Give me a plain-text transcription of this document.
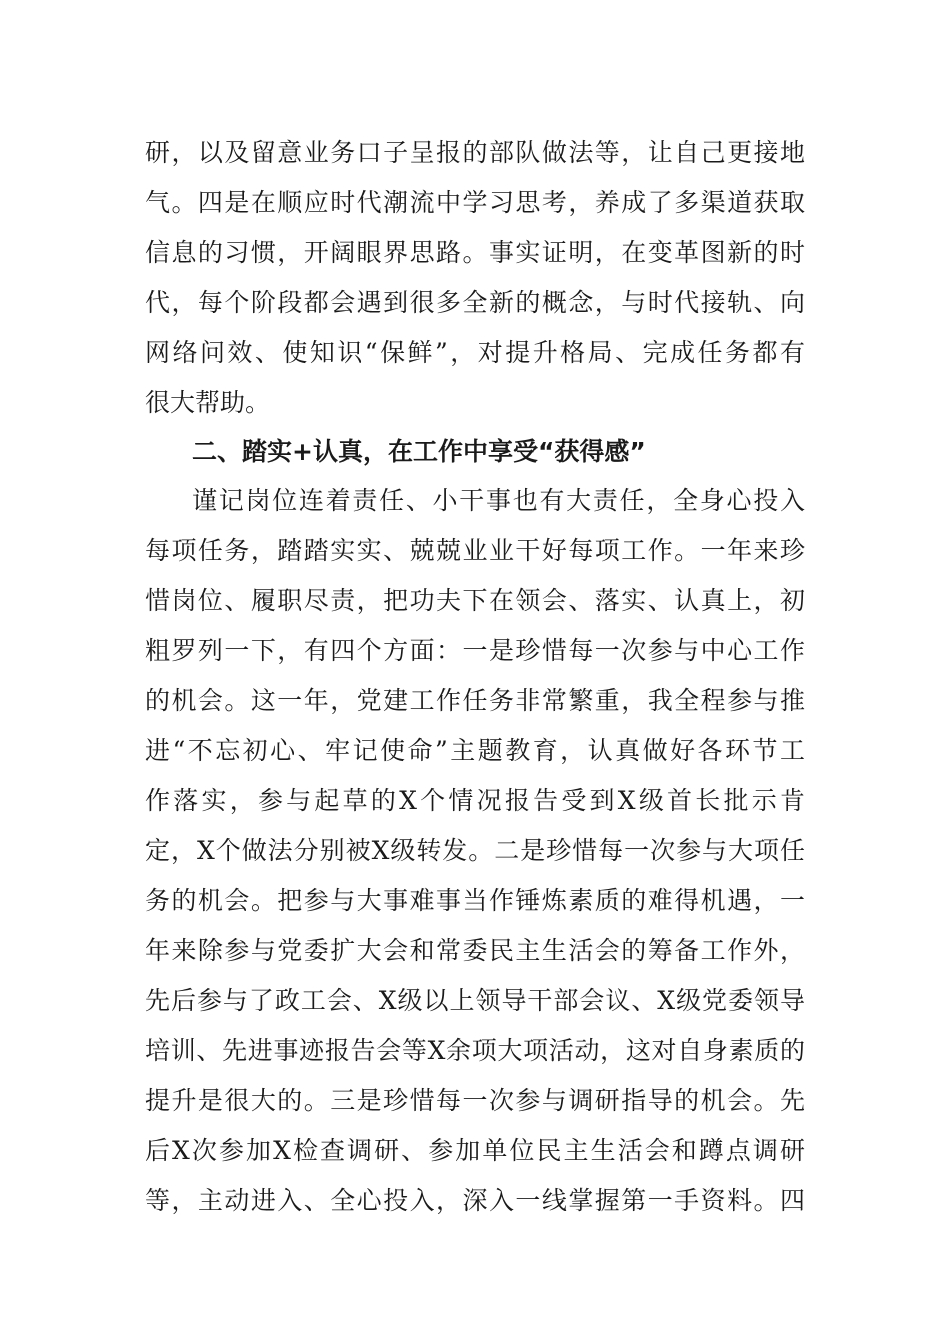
研，以及留意业务口子呈报的部队做法等，让自己更接地
气。四是在顺应时代潮流中学习思考，养成了多渠道获取
信息的习惯，开阔眼界思路。事实证明，在变革图新的时
代，每个阶段都会遇到很多全新的概念，与时代接轨、向
网络问效、使知识“保鲜”，对提升格局、完成任务都有
很大帮助。
二、踏实+认真，在工作中享受“获得感”
谨记岗位连着责任、小干事也有大责任，全身心投入
每项任务，踏踏实实、兢兢业业干好每项工作。一年来珍
惜岗位、履职尽责，把功夫下在领会、落实、认真上，初
粗罗列一下，有四个方面：一是珍惜每一次参与中心工作
的机会。这一年，党建工作任务非常繁重，我全程参与推
进“不忘初心、牢记使命”主题教育，认真做好各环节工
作落实，参与起草的X个情况报告受到X级首长批示肯
定，X个做法分别被X级转发。二是珍惜每一次参与大项任
务的机会。把参与大事难事当作锤炼素质的难得机遇，一
年来除参与党委扩大会和常委民主生活会的筹备工作外，
先后参与了政工会、X级以上领导干部会议、X级党委领导
培训、先进事迹报告会等X余项大项活动，这对自身素质的
提升是很大的。三是珍惜每一次参与调研指导的机会。先
后X次参加X检查调研、参加单位民主生活会和蹲点调研
等，主动进入、全心投入，深入一线掌握第一手资料。四
